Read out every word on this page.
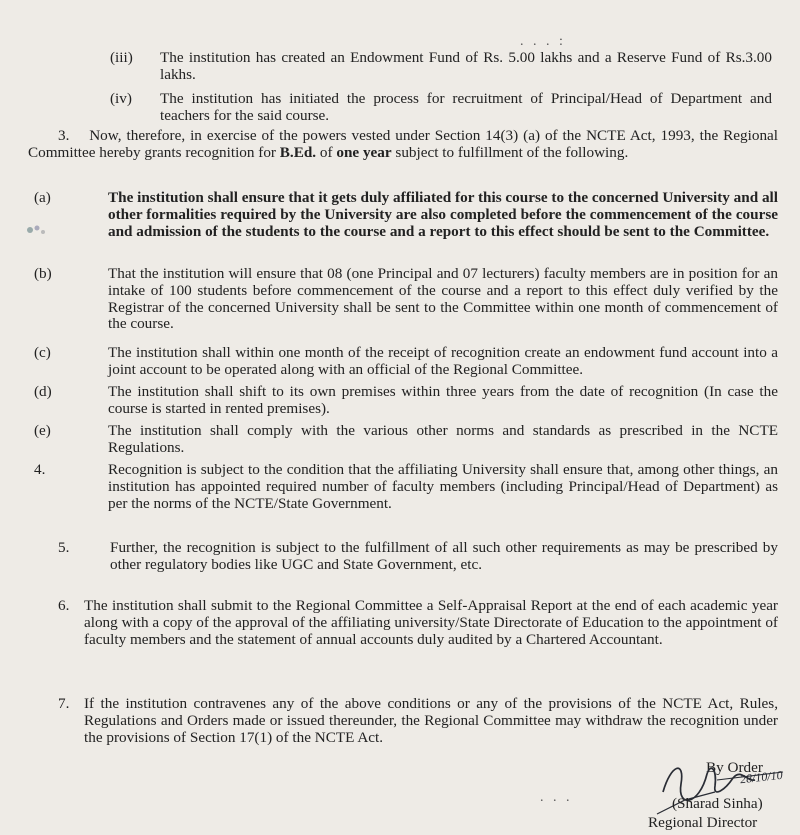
. . . :
(iii) The institution has created an Endowment Fund of Rs. 5.00 lakhs and a Reserve Fund of Rs.3.00 lakhs.
(iv) The institution has initiated the process for recruitment of Principal/Head of Department and teachers for the said course.
3. Now, therefore, in exercise of the powers vested under Section 14(3) (a) of the NCTE Act, 1993, the Regional Committee hereby grants recognition for B.Ed. of one year subject to fulfillment of the following.
(a)	The institution shall ensure that it gets duly affiliated for this course to the concerned University and all other formalities required by the University are also completed before the commencement of the course and admission of the students to the course and a report to this effect should be sent to the Committee.
(b)	That the institution will ensure that 08 (one Principal and 07 lecturers) faculty members are in position for an intake of 100 students before commencement of the course and a report to this effect duly verified by the Registrar of the concerned University shall be sent to the Committee within one month of commencement of the course.
(c)	The institution shall within one month of the receipt of recognition create an endowment fund account into a joint account to be operated along with an official of the Regional Committee.
(d)	The institution shall shift to its own premises within three years from the date of recognition (In case the course is started in rented premises).
(e)	The institution shall comply with the various other norms and standards as prescribed in the NCTE Regulations.
4.	Recognition is subject to the condition that the affiliating University shall ensure that, among other things, an institution has appointed required number of faculty members (including Principal/Head of Department) as per the norms of the NCTE/State Government.
5.	Further, the recognition is subject to the fulfillment of all such other requirements as may be prescribed by other regulatory bodies like UGC and State Government, etc.
6. The institution shall submit to the Regional Committee a Self-Appraisal Report at the end of each academic year along with a copy of the approval of the affiliating university/State Directorate of Education to the appointment of faculty members and the statement of annual accounts duly audited by a Chartered Accountant.
7. If the institution contravenes any of the above conditions or any of the provisions of the NCTE Act, Rules, Regulations and Orders made or issued thereunder, the Regional Committee may withdraw the recognition under the provisions of Section 17(1) of the NCTE Act.
By Order
28/10/10
(Sharad Sinha)
Regional Director
. . .
